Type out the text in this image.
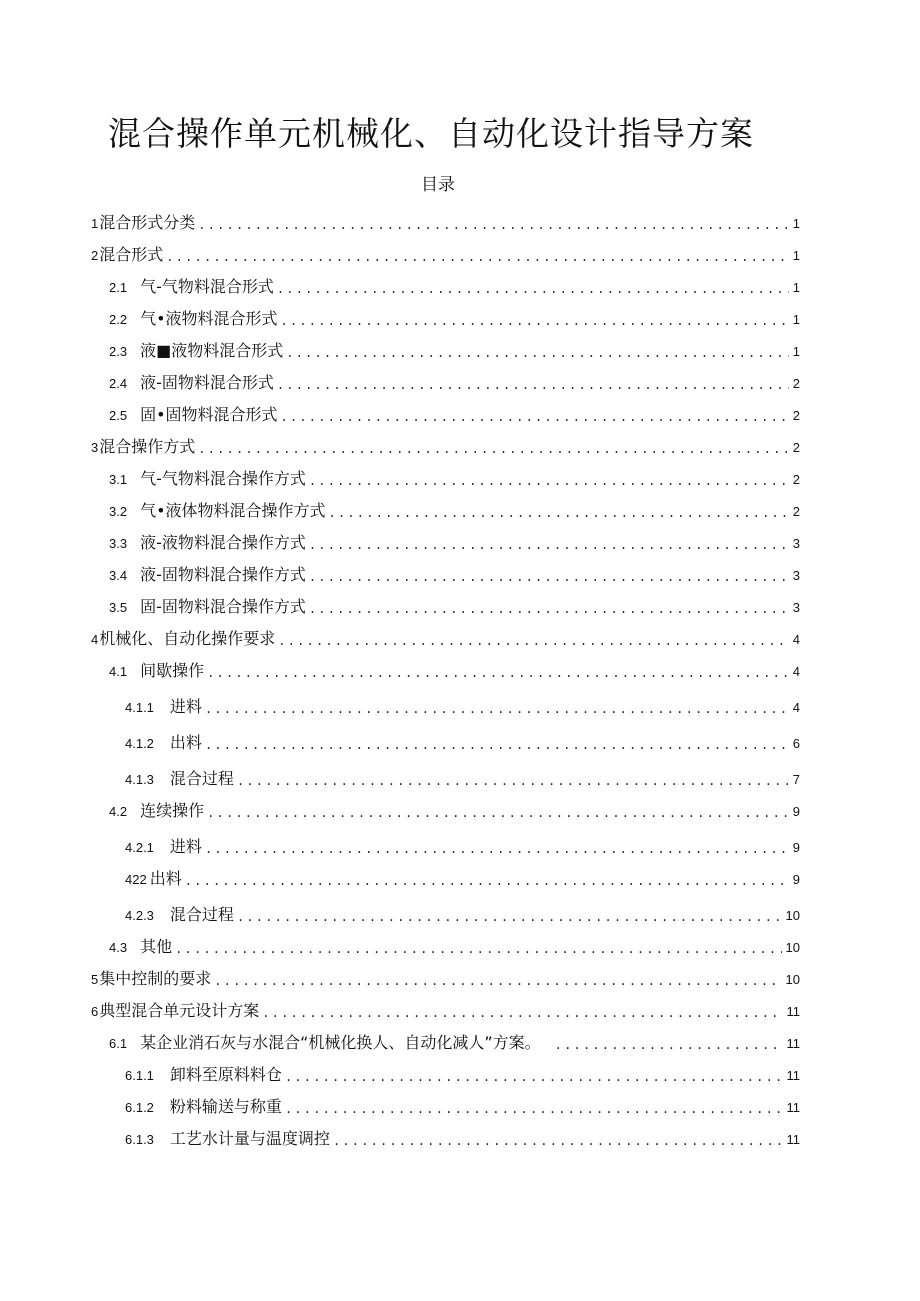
混合操作单元机械化、自动化设计指导方案
目录
1 混合形式分类 .....	1
2 混合形式 .....	1
2.1 气-气物料混合形式 .....	1
2.2 气•液物料混合形式 .....	1
2.3 液■液物料混合形式 .....	1
2.4 液-固物料混合形式 .....	2
2.5 固•固物料混合形式 .....	2
3 混合操作方式 .....	2
3.1 气-气物料混合操作方式 .....	2
3.2 气•液体物料混合操作方式 .....	2
3.3 液-液物料混合操作方式 .....	3
3.4 液-固物料混合操作方式 .....	3
3.5 固-固物料混合操作方式 .....	3
4 机械化、自动化操作要求 .....	4
4.1 间歇操作 .....	4
4.1.1 进料 .....	4
4.1.2 出料 .....	6
4.1.3 混合过程 .....	7
4.2 连续操作 .....	9
4.2.1 进料 .....	9
422 出料 .....	9
4.2.3 混合过程 .....	10
4.3 其他 .....	10
5 集中控制的要求 .....	10
6 典型混合单元设计方案 .....	11
6.1 某企业消石灰与水混合“机械化换人、自动化减人”方案。 .....	11
6.1.1 卸料至原料料仓 .....	11
6.1.2 粉料输送与称重 .....	11
6.1.3 工艺水计量与温度调控 .....	11
